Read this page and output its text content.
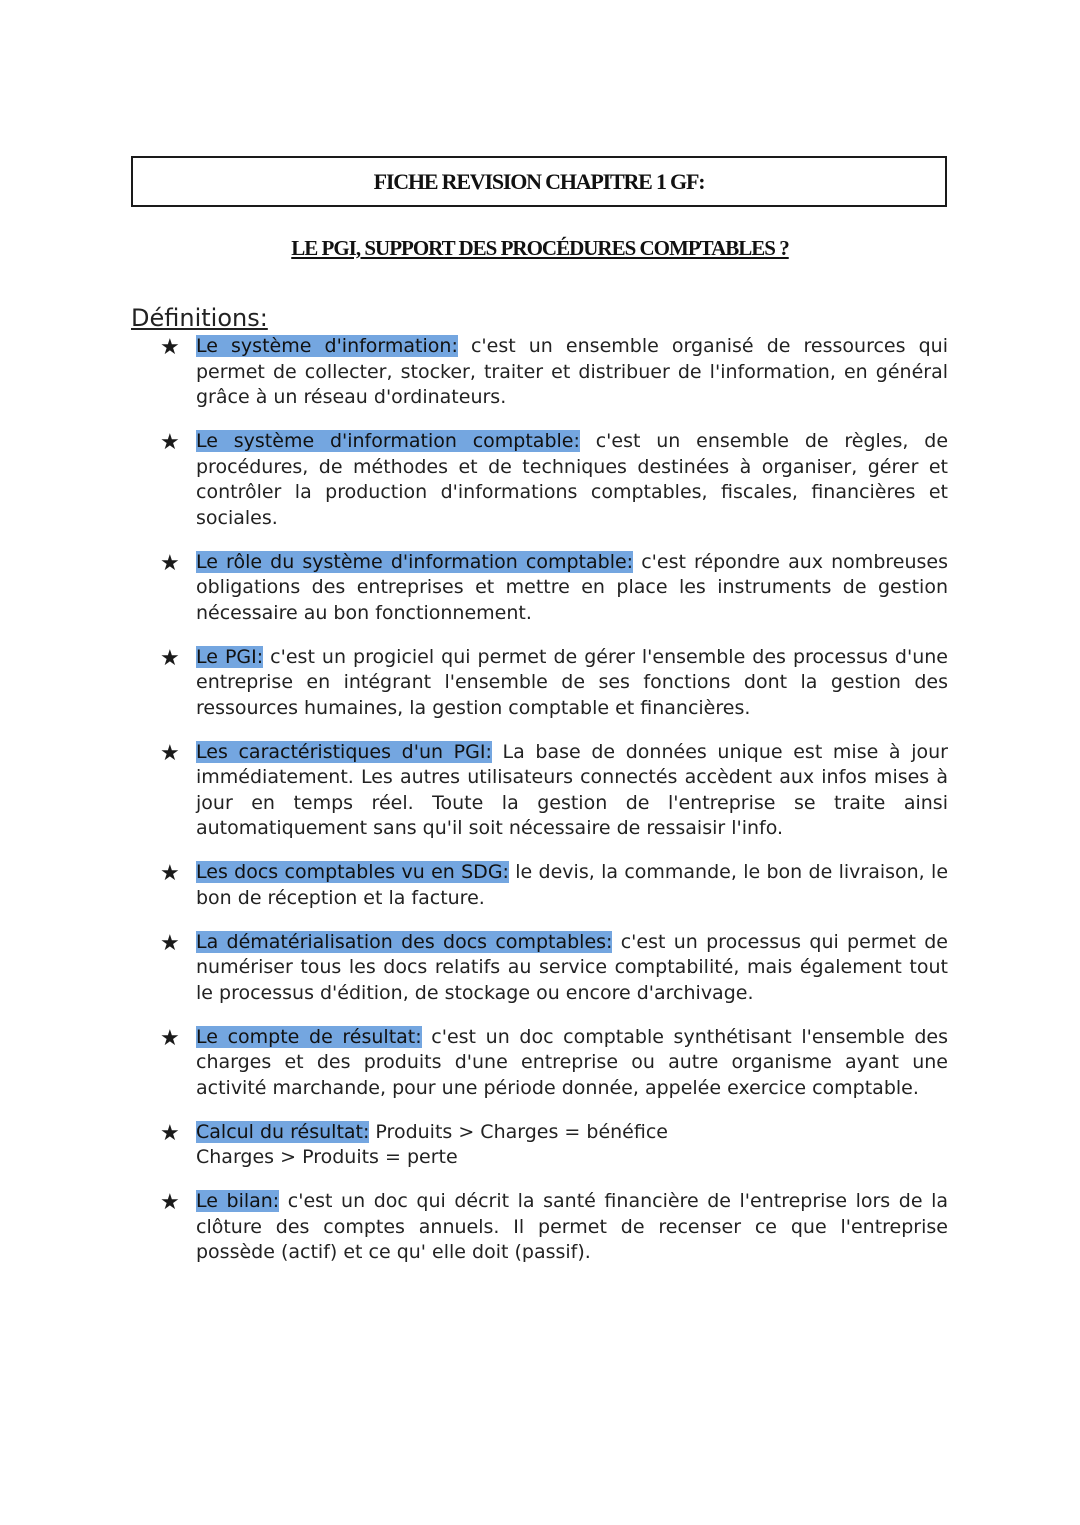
FICHE REVISION CHAPITRE 1 GF:
LE PGI, SUPPORT DES PROCÉDURES COMPTABLES ?
Définitions:
★ Le système d'information: c'est un ensemble organisé de ressources qui permet de collecter, stocker, traiter et distribuer de l'information, en général grâce à un réseau d'ordinateurs.
★ Le système d'information comptable: c'est un ensemble de règles, de procédures, de méthodes et de techniques destinées à organiser, gérer et contrôler la production d'informations comptables, fiscales, financières et sociales.
★ Le rôle du système d'information comptable: c'est répondre aux nombreuses obligations des entreprises et mettre en place les instruments de gestion nécessaire au bon fonctionnement.
★ Le PGI: c'est un progiciel qui permet de gérer l'ensemble des processus d'une entreprise en intégrant l'ensemble de ses fonctions dont la gestion des ressources humaines, la gestion comptable et financières.
★ Les caractéristiques d'un PGI: La base de données unique est mise à jour immédiatement. Les autres utilisateurs connectés accèdent aux infos mises à jour en temps réel. Toute la gestion de l'entreprise se traite ainsi automatiquement sans qu'il soit nécessaire de ressaisir l'info.
★ Les docs comptables vu en SDG: le devis, la commande, le bon de livraison, le bon de réception et la facture.
★ La dématérialisation des docs comptables: c'est un processus qui permet de numériser tous les docs relatifs au service comptabilité, mais également tout le processus d'édition, de stockage ou encore d'archivage.
★ Le compte de résultat: c'est un doc comptable synthétisant l'ensemble des charges et des produits d'une entreprise ou autre organisme ayant une activité marchande, pour une période donnée, appelée exercice comptable.
★ Calcul du résultat: Produits > Charges = bénéfice
Charges > Produits = perte
★ Le bilan: c'est un doc qui décrit la santé financière de l'entreprise lors de la clôture des comptes annuels. Il permet de recenser ce que l'entreprise possède (actif) et ce qu' elle doit (passif).
